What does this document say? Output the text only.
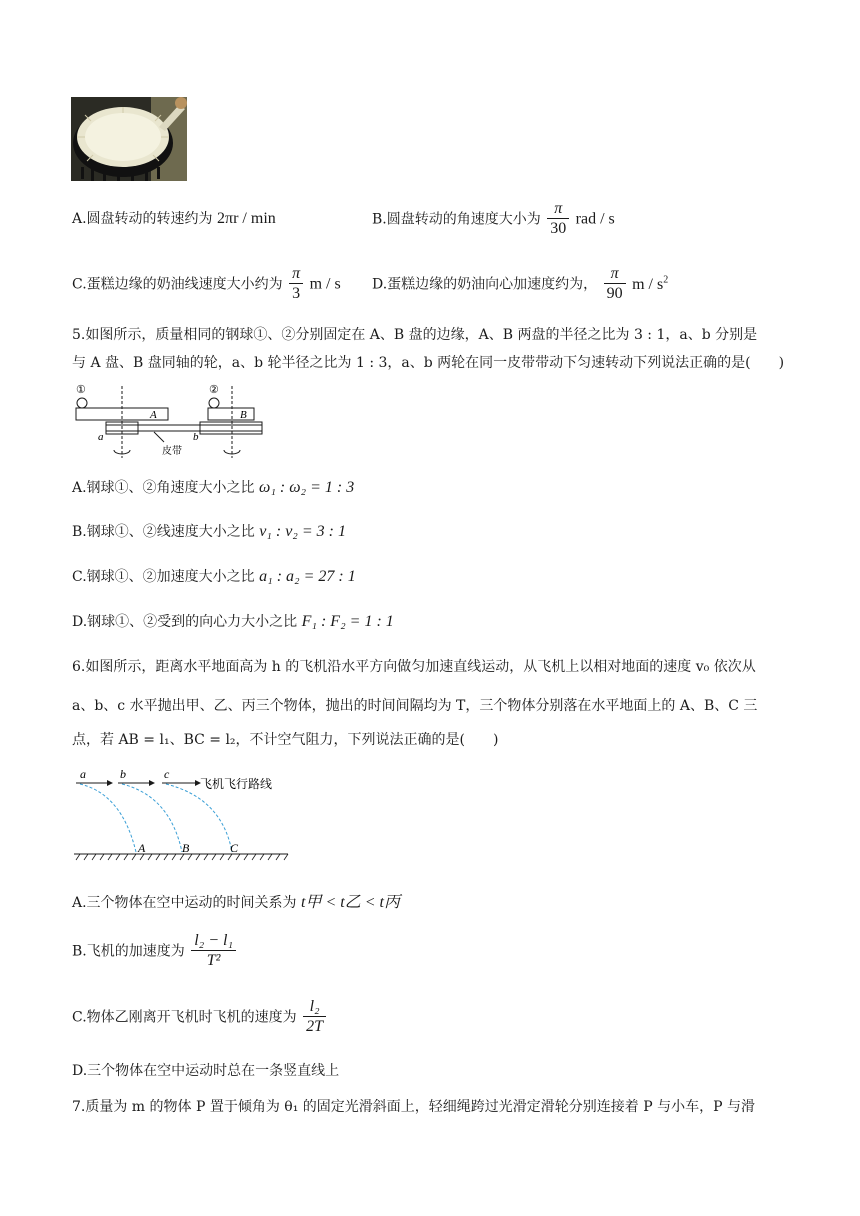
A.圆盘转动的转速约为 2πr / min	B.圆盘转动的角速度大小为 $\frac{\pi}{30}$ rad / s
C.蛋糕边缘的奶油线速度大小约为 $\frac{\pi}{3}$ m / s D.蛋糕边缘的奶油向心加速度约为， $\frac{\pi}{90}$ m / $s^2$
5.如图所示，质量相同的钢球①、②分别固定在 A、B 盘的边缘，A、B 两盘的半径之比为 3 : 1，a、b 分别是
与 A 盘、B 盘同轴的轮，a、b 轮半径之比为 1 : 3，a、b 两轮在同一皮带带动下匀速转动下列说法正确的是(　　)
①
A
②
B
a	b
皮带
A.钢球①、②角速度大小之比 ω₁ : ω₂ = 1 : 3
B.钢球①、②线速度大小之比 v₁ : v₂ = 3 : 1
C.钢球①、②加速度大小之比 a₁ : a₂ = 27 : 1
D.钢球①、②受到的向心力大小之比 F₁ : F₂ = 1 : 1
6.如图所示，距离水平地面高为 h 的飞机沿水平方向做匀加速直线运动，从飞机上以相对地面的速度 v₀ 依次从
a、b、c 水平抛出甲、乙、丙三个物体，抛出的时间间隔均为 T，三个物体分别落在水平地面上的 A、B、C 三
点，若 AB = l₁、BC = l₂，不计空气阻力，下列说法正确的是(　　)
a	b	c
飞机飞行路线
A	B	C
A.三个物体在空中运动的时间关系为 t甲 < t乙 < t丙
B.飞机的加速度为 $\frac{\text{l₂ − l₁}}{\text{T²}}$
C.物体乙刚离开飞机时飞机的速度为 $\frac{\text{l₂}}{2T}$
D.三个物体在空中运动时总在一条竖直线上
7.质量为 m 的物体 P 置于倾角为 θ₁ 的固定光滑斜面上，轻细绳跨过光滑定滑轮分别连接着 P 与小车，P 与滑
